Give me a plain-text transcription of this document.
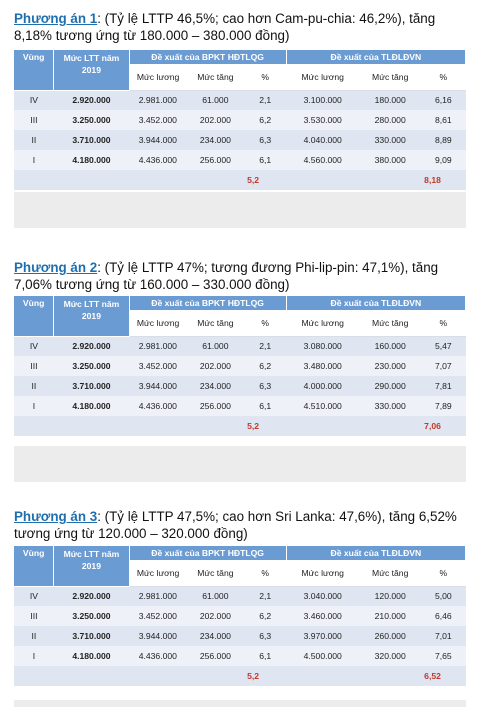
Phương án 1: (Tỷ lệ LTTP 46,5%; cao hơn Cam-pu-chia: 46,2%), tăng 8,18% tương ứng từ 180.000 – 380.000 đồng)
Vùng	Mức LTT năm 2019	Đề xuất của BPKT HĐTLQG			Đề xuất của TLĐLĐVN		
		Mức lương	Mức tăng	%	Mức lương	Mức tăng	%
IV	2.920.000	2.981.000	61.000	2,1	3.100.000	180.000	6,16
III	3.250.000	3.452.000	202.000	6,2	3.530.000	280.000	8,61
II	3.710.000	3.944.000	234.000	6,3	4.040.000	330.000	8,89
I	4.180.000	4.436.000	256.000	6,1	4.560.000	380.000	9,09
				5,2			8,18
Phương án 2: (Tỷ lệ LTTP 47%; tương đương Phi-lip-pin: 47,1%), tăng 7,06% tương ứng từ 160.000 – 330.000 đồng)
Vùng	Mức LTT năm 2019	Đề xuất của BPKT HĐTLQG			Đề xuất của TLĐLĐVN		
		Mức lương	Mức tăng	%	Mức lương	Mức tăng	%
IV	2.920.000	2.981.000	61.000	2,1	3.080.000	160.000	5,47
III	3.250.000	3.452.000	202.000	6,2	3.480.000	230.000	7,07
II	3.710.000	3.944.000	234.000	6,3	4.000.000	290.000	7,81
I	4.180.000	4.436.000	256.000	6,1	4.510.000	330.000	7,89
				5,2			7,06
Phương án 3: (Tỷ lệ LTTP 47,5%; cao hơn Sri Lanka: 47,6%), tăng 6,52% tương ứng từ 120.000 – 320.000 đồng)
Vùng	Mức LTT năm 2019	Đề xuất của BPKT HĐTLQG			Đề xuất của TLĐLĐVN		
		Mức lương	Mức tăng	%	Mức lương	Mức tăng	%
IV	2.920.000	2.981.000	61.000	2,1	3.040.000	120.000	5,00
III	3.250.000	3.452.000	202.000	6,2	3.460.000	210.000	6,46
II	3.710.000	3.944.000	234.000	6,3	3.970.000	260.000	7,01
I	4.180.000	4.436.000	256.000	6,1	4.500.000	320.000	7,65
				5,2			6,52
